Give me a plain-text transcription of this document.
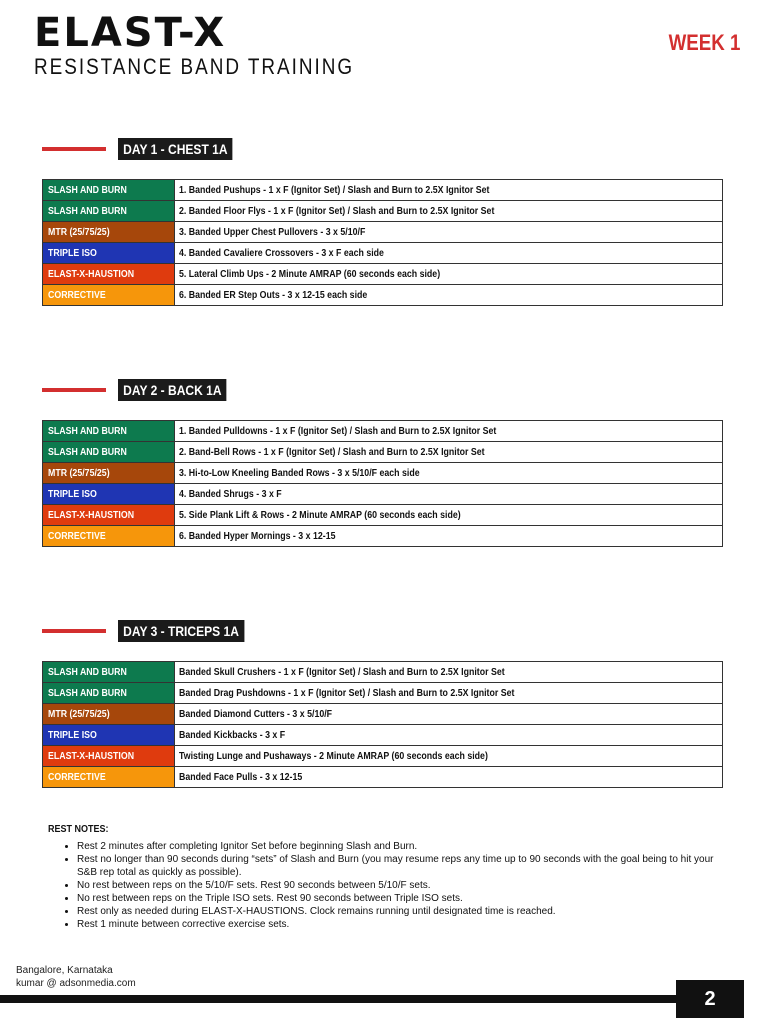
ELAST-X
RESISTANCE BAND TRAINING
WEEK 1
DAY 1 - CHEST 1A
SLASH AND BURN	1. Banded Pushups - 1 x F (Ignitor Set) / Slash and Burn to 2.5X Ignitor Set
SLASH AND BURN	2. Banded Floor Flys - 1 x F (Ignitor Set) / Slash and Burn to 2.5X Ignitor Set
MTR (25/75/25)	3. Banded Upper Chest Pullovers - 3 x 5/10/F
TRIPLE ISO	4. Banded Cavaliere Crossovers - 3 x F each side
ELAST-X-HAUSTION	5. Lateral Climb Ups - 2 Minute AMRAP (60 seconds each side)
CORRECTIVE	6. Banded ER Step Outs - 3 x 12-15 each side
DAY 2 - BACK 1A
SLASH AND BURN	1. Banded Pulldowns - 1 x F (Ignitor Set) / Slash and Burn to 2.5X Ignitor Set
SLASH AND BURN	2. Band-Bell Rows - 1 x F (Ignitor Set) / Slash and Burn to 2.5X Ignitor Set
MTR (25/75/25)	3. Hi-to-Low Kneeling Banded Rows - 3 x 5/10/F each side
TRIPLE ISO	4. Banded Shrugs - 3 x F
ELAST-X-HAUSTION	5. Side Plank Lift & Rows - 2 Minute AMRAP (60 seconds each side)
CORRECTIVE	6. Banded Hyper Mornings - 3 x 12-15
DAY 3 - TRICEPS 1A
SLASH AND BURN	Banded Skull Crushers - 1 x F (Ignitor Set) / Slash and Burn to 2.5X Ignitor Set
SLASH AND BURN	Banded Drag Pushdowns - 1 x F (Ignitor Set) / Slash and Burn to 2.5X Ignitor Set
MTR (25/75/25)	Banded Diamond Cutters - 3 x 5/10/F
TRIPLE ISO	Banded Kickbacks - 3 x F
ELAST-X-HAUSTION	Twisting Lunge and Pushaways - 2 Minute AMRAP (60 seconds each side)
CORRECTIVE	Banded Face Pulls - 3 x 12-15
REST NOTES:
• Rest 2 minutes after completing Ignitor Set before beginning Slash and Burn.
• Rest no longer than 90 seconds during “sets” of Slash and Burn (you may resume reps any time up to 90 seconds with the goal being to hit your S&B rep total as quickly as possible).
• No rest between reps on the 5/10/F sets. Rest 90 seconds between 5/10/F sets.
• No rest between reps on the Triple ISO sets. Rest 90 seconds between Triple ISO sets.
• Rest only as needed during ELAST-X-HAUSTIONS. Clock remains running until designated time is reached.
• Rest 1 minute between corrective exercise sets.
Bangalore, Karnataka
kumar @ adsonmedia.com
2
